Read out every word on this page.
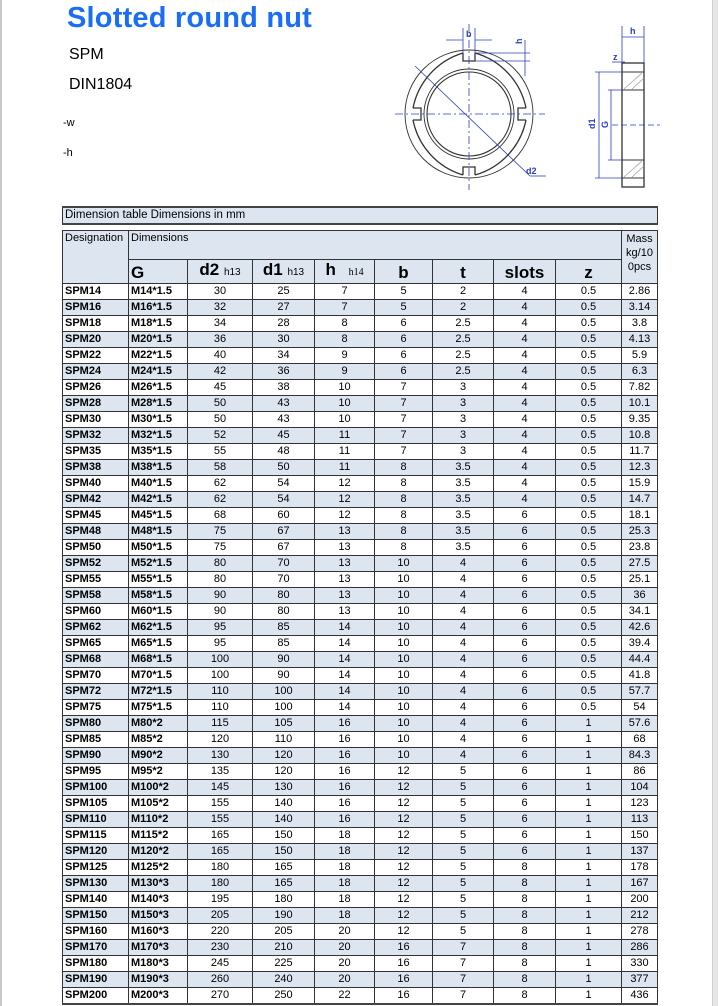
Slotted round nut
SPM
DIN1804
-w
-h
b
h
d2
h
z
d1 G
Dimension table Dimensions in mm									

Designation	Dimensions								Mass
kg/10
0pcs

	G	d2 h13	d1 h13	h h14	b	t	slots	z	
SPM14	M14*1.5	30	25	7	5	2	4	0.5	2.86
SPM16	M16*1.5	32	27	7	5	2	4	0.5	3.14
SPM18	M18*1.5	34	28	8	6	2.5	4	0.5	3.8
SPM20	M20*1.5	36	30	8	6	2.5	4	0.5	4.13
SPM22	M22*1.5	40	34	9	6	2.5	4	0.5	5.9
SPM24	M24*1.5	42	36	9	6	2.5	4	0.5	6.3
SPM26	M26*1.5	45	38	10	7	3	4	0.5	7.82
SPM28	M28*1.5	50	43	10	7	3	4	0.5	10.1
SPM30	M30*1.5	50	43	10	7	3	4	0.5	9.35
SPM32	M32*1.5	52	45	11	7	3	4	0.5	10.8
SPM35	M35*1.5	55	48	11	7	3	4	0.5	11.7
SPM38	M38*1.5	58	50	11	8	3.5	4	0.5	12.3
SPM40	M40*1.5	62	54	12	8	3.5	4	0.5	15.9
SPM42	M42*1.5	62	54	12	8	3.5	4	0.5	14.7
SPM45	M45*1.5	68	60	12	8	3.5	6	0.5	18.1
SPM48	M48*1.5	75	67	13	8	3.5	6	0.5	25.3
SPM50	M50*1.5	75	67	13	8	3.5	6	0.5	23.8
SPM52	M52*1.5	80	70	13	10	4	6	0.5	27.5
SPM55	M55*1.5	80	70	13	10	4	6	0.5	25.1
SPM58	M58*1.5	90	80	13	10	4	6	0.5	36
SPM60	M60*1.5	90	80	13	10	4	6	0.5	34.1
SPM62	M62*1.5	95	85	14	10	4	6	0.5	42.6
SPM65	M65*1.5	95	85	14	10	4	6	0.5	39.4
SPM68	M68*1.5	100	90	14	10	4	6	0.5	44.4
SPM70	M70*1.5	100	90	14	10	4	6	0.5	41.8
SPM72	M72*1.5	110	100	14	10	4	6	0.5	57.7
SPM75	M75*1.5	110	100	14	10	4	6	0.5	54
SPM80	M80*2	115	105	16	10	4	6	1	57.6
SPM85	M85*2	120	110	16	10	4	6	1	68
SPM90	M90*2	130	120	16	10	4	6	1	84.3
SPM95	M95*2	135	120	16	12	5	6	1	86
SPM100	M100*2	145	130	16	12	5	6	1	104
SPM105	M105*2	155	140	16	12	5	6	1	123
SPM110	M110*2	155	140	16	12	5	6	1	113
SPM115	M115*2	165	150	18	12	5	6	1	150
SPM120	M120*2	165	150	18	12	5	6	1	137
SPM125	M125*2	180	165	18	12	5	8	1	178
SPM130	M130*3	180	165	18	12	5	8	1	167
SPM140	M140*3	195	180	18	12	5	8	1	200
SPM150	M150*3	205	190	18	12	5	8	1	212
SPM160	M160*3	220	205	20	12	5	8	1	278
SPM170	M170*3	230	210	20	16	7	8	1	286
SPM180	M180*3	245	225	20	16	7	8	1	330
SPM190	M190*3	260	240	20	16	7	8	1	377
SPM200	M200*3	270	250	22	16	7	8	1	436
